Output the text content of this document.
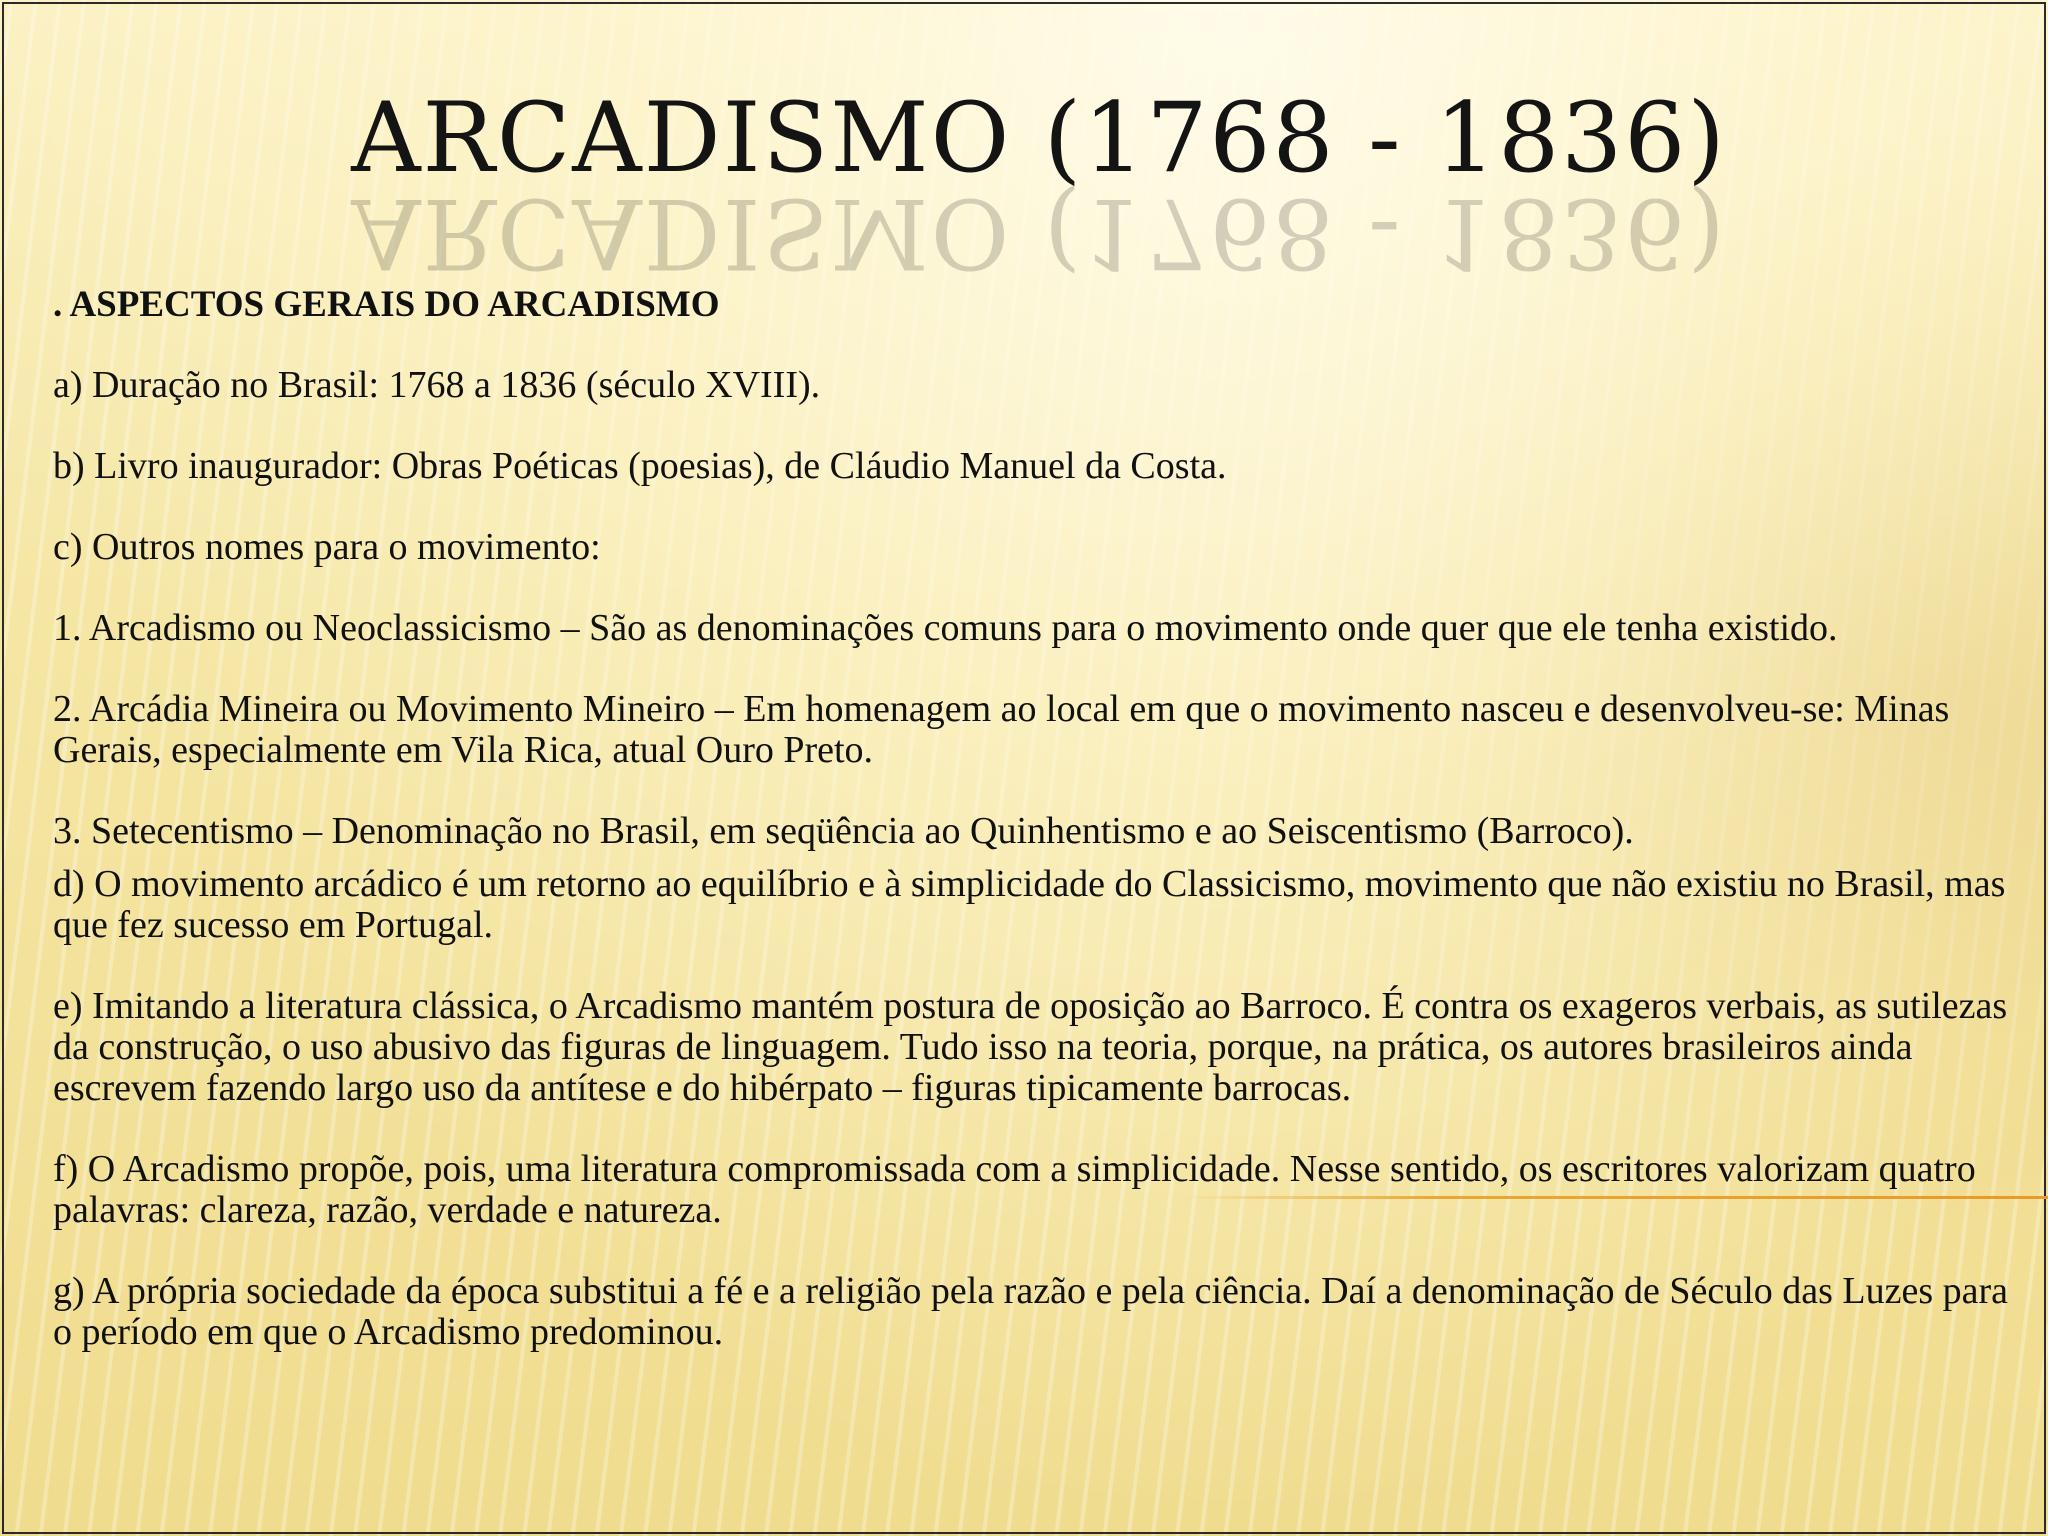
ARCADISMO (1768 - 1836)
ARCADISMO (1768 - 1836)

. ASPECTOS GERAIS DO ARCADISMO

a) Duração no Brasil: 1768 a 1836 (século XVIII).

b) Livro inaugurador: Obras Poéticas (poesias), de Cláudio Manuel da Costa.

c) Outros nomes para o movimento:

1. Arcadismo ou Neoclassicismo – São as denominações comuns para o movimento onde quer que ele tenha existido.

2. Arcádia Mineira ou Movimento Mineiro – Em homenagem ao local em que o movimento nasceu e desenvolveu-se: Minas Gerais, especialmente em Vila Rica, atual Ouro Preto.

3. Setecentismo – Denominação no Brasil, em seqüência ao Quinhentismo e ao Seiscentismo (Barroco).

d) O movimento arcádico é um retorno ao equilíbrio e à simplicidade do Classicismo, movimento que não existiu no Brasil, mas que fez sucesso em Portugal.

e) Imitando a literatura clássica, o Arcadismo mantém postura de oposição ao Barroco. É contra os exageros verbais, as sutilezas da construção, o uso abusivo das figuras de linguagem. Tudo isso na teoria, porque, na prática, os autores brasileiros ainda escrevem fazendo largo uso da antítese e do hibérpato – figuras tipicamente barrocas.

f) O Arcadismo propõe, pois, uma literatura compromissada com a simplicidade. Nesse sentido, os escritores valorizam quatro palavras: clareza, razão, verdade e natureza.

g) A própria sociedade da época substitui a fé e a religião pela razão e pela ciência. Daí a denominação de Século das Luzes para o período em que o Arcadismo predominou.
